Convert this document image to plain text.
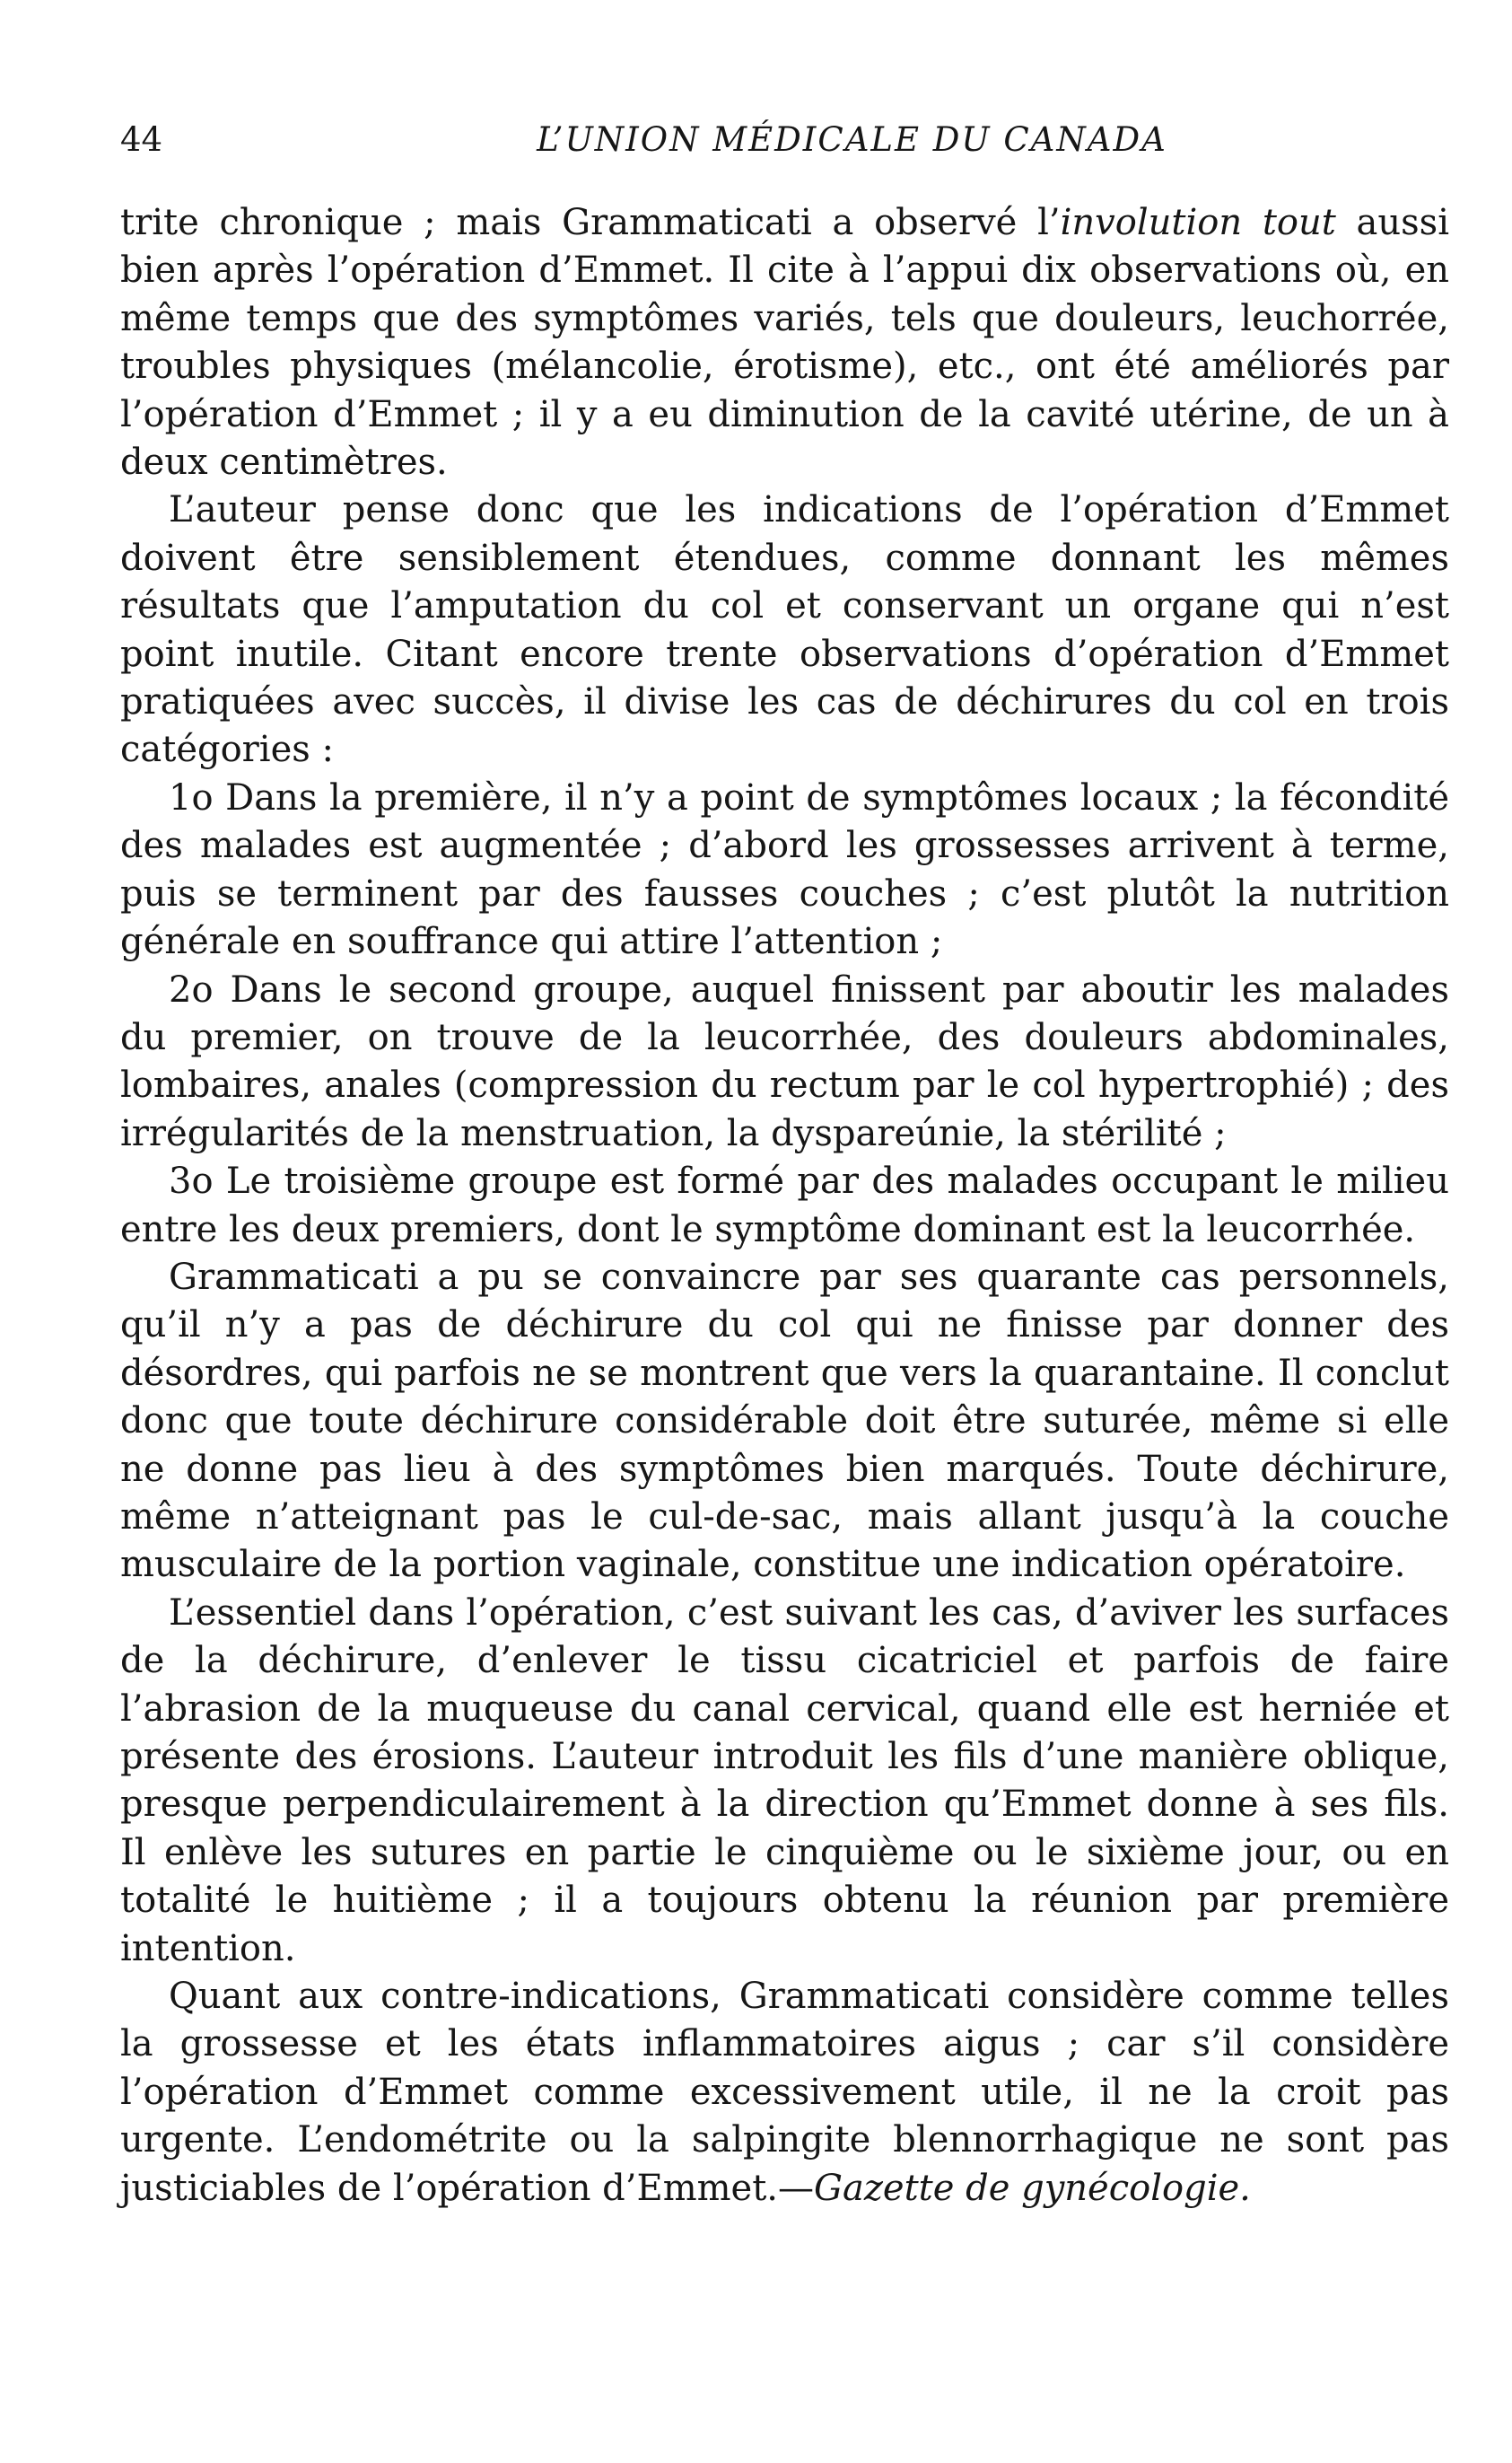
44	L’UNION MÉDICALE DU CANADA

trite chronique ; mais Grammaticati a observé l’involution tout aussi bien après l’opération d’Emmet. Il cite à l’appui dix observations où, en même temps que des symptômes variés, tels que douleurs, leuchorrée, troubles physiques (mélancolie, érotisme), etc., ont été améliorés par l’opération d’Emmet ; il y a eu diminution de la cavité utérine, de un à deux centimètres.

L’auteur pense donc que les indications de l’opération d’Emmet doivent être sensiblement étendues, comme donnant les mêmes résultats que l’amputation du col et conservant un organe qui n’est point inutile. Citant encore trente observations d’opération d’Emmet pratiquées avec succès, il divise les cas de déchirures du col en trois catégories :

1o Dans la première, il n’y a point de symptômes locaux ; la fécondité des malades est augmentée ; d’abord les grossesses arrivent à terme, puis se terminent par des fausses couches ; c’est plutôt la nutrition générale en souffrance qui attire l’attention ;

2o Dans le second groupe, auquel finissent par aboutir les malades du premier, on trouve de la leucorrhée, des douleurs abdominales, lombaires, anales (compression du rectum par le col hypertrophié) ; des irrégularités de la menstruation, la dyspareúnie, la stérilité ;

3o Le troisième groupe est formé par des malades occupant le milieu entre les deux premiers, dont le symptôme dominant est la leucorrhée.

Grammaticati a pu se convaincre par ses quarante cas personnels, qu’il n’y a pas de déchirure du col qui ne finisse par donner des désordres, qui parfois ne se montrent que vers la quarantaine. Il conclut donc que toute déchirure considérable doit être suturée, même si elle ne donne pas lieu à des symptômes bien marqués. Toute déchirure, même n’atteignant pas le cul-de-sac, mais allant jusqu’à la couche musculaire de la portion vaginale, constitue une indication opératoire.

L’essentiel dans l’opération, c’est suivant les cas, d’aviver les surfaces de la déchirure, d’enlever le tissu cicatriciel et parfois de faire l’abrasion de la muqueuse du canal cervical, quand elle est herniée et présente des érosions. L’auteur introduit les fils d’une manière oblique, presque perpendiculairement à la direction qu’Emmet donne à ses fils. Il enlève les sutures en partie le cinquième ou le sixième jour, ou en totalité le huitième ; il a toujours obtenu la réunion par première intention.

Quant aux contre-indications, Grammaticati considère comme telles la grossesse et les états inflammatoires aigus ; car s’il considère l’opération d’Emmet comme excessivement utile, il ne la croit pas urgente. L’endométrite ou la salpingite blennorrhagique ne sont pas justiciables de l’opération d’Emmet.—Gazette de gynécologie.
